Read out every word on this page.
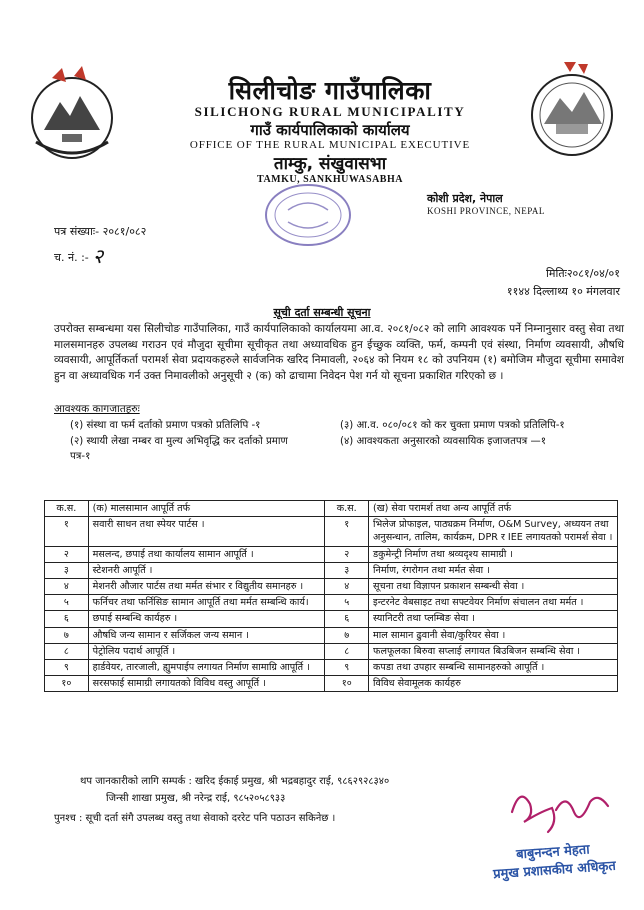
सिलीचोङ गाउँपालिका
SILICHONG RURAL MUNICIPALITY
गाउँ कार्यपालिकाको कार्यालय
OFFICE OF THE RURAL MUNICIPAL EXECUTIVE
ताम्कु, संखुवासभा
TAMKU, SANKHUWASABHA
कोशी प्रदेश, नेपाल
KOSHI PROVINCE, NEPAL
पत्र संख्याः- २०८१/०८२
च. नं. :- २
मितिः२०८१/०४/०१
११४४ दिल्लाथ्य १० मंगलवार
सूची दर्ता सम्बन्धी सूचना
उपरोक्त सम्बन्धमा यस सिलीचोङ गाउँपालिका, गाउँ कार्यपालिकाको कार्यालयमा आ.व. २०८१/०८२ को लागि आवश्यक पर्ने निम्नानुसार वस्तु सेवा तथा मालसमानहरु उपलब्ध गराउन एवं मौजुदा सूचीमा सूचीकृत तथा अध्यावधिक हुन ईच्छुक व्यक्ति, फर्म, कम्पनी एवं संस्था, निर्माण व्यवसायी, औषधि व्यवसायी, आपूर्तिकर्ता परामर्श सेवा प्रदायकहरुले सार्वजनिक खरिद निमावली, २०६४ को नियम १८ को उपनियम (१) बमोजिम मौजुदा सूचीमा समावेश हुन वा अध्यावधिक गर्न उक्त निमावलीको अनुसूची २ (क) को ढाचामा निवेदन पेश गर्न यो सूचना प्रकाशित गरिएको छ ।
आवश्यक कागजातहरुः
(१) संस्था वा फर्म दर्ताको प्रमाण पत्रको प्रतिलिपि -१
(२) स्थायी लेखा नम्बर वा मुल्य अभिवृद्धि कर दर्ताको प्रमाण पत्र-१
(३) आ.व. ०८०/०८१ को कर चुक्ता प्रमाण पत्रको प्रतिलिपि-१
(४) आवश्यकता अनुसारको व्यवसायिक इजाजतपत्र —१
क.स.	(क) मालसामान आपूर्ति तर्फ	क.स.	(ख) सेवा परामर्श तथा अन्य आपूर्ति तर्फ
१	सवारी साधन तथा स्पेयर पार्टस ।	१	भिलेज प्रोफाइल, पाठ्यक्रम निर्माण, O&M Survey, अध्ययन तथा अनुसन्धान, तालिम, कार्यक्रम, DPR र IEE लगायतको परामर्श सेवा ।
२	मसलन्द, छपाई तथा कार्यालय सामान आपूर्ति ।	२	डकुमेन्ट्री निर्माण तथा श्रव्यदृश्य सामाग्री ।
३	स्टेशनरी आपूर्ति ।	३	निर्माण, रंगरोगन तथा मर्मत सेवा ।
४	मेशनरी औजार पार्टस तथा मर्मत संभार र विद्युतीय समानहरु ।	४	सूचना तथा विज्ञापन प्रकाशन सम्बन्धी सेवा ।
५	फर्निचर तथा फर्निसिङ सामान आपूर्ति तथा मर्मत सम्बन्धि कार्य।	५	इन्टरनेट वेबसाइट तथा सफ्टवेयर निर्माण संचालन तथा मर्मत ।
६	छपाई सम्बन्धि कार्यहरु ।	६	स्यानिटरी तथा प्लम्बिङ सेवा ।
७	औषधि जन्य सामान र सर्जिकल जन्य समान ।	७	माल सामान ढुवानी सेवा/कुरियर सेवा ।
८	पेट्रोलिय पदार्थ आपूर्ति ।	८	फलफूलका बिरुवा सप्लाई लगायत बिउबिजन सम्बन्धि सेवा ।
९	हार्डवेयर, तारजाली, ह्युमपाईप लगायत निर्माण सामाग्रि आपूर्ति ।	९	कपडा तथा उपहार सम्बन्धि सामानहरुको आपूर्ति ।
१०	सरसफाई सामाग्री लगायतको विविध वस्तु आपूर्ति ।	१०	विविध सेवामूलक कार्यहरु
थप जानकारीको लागि सम्पर्क : खरिद ईकाई प्रमुख, श्री भद्रबहादुर राई, ९८६२९२८३४०
जिन्सी शाखा प्रमुख, श्री नरेन्द्र राई, ९८५२०५८९३३
पुनश्च : सूची दर्ता संगै उपलब्ध वस्तु तथा सेवाको दररेट पनि पठाउन सकिनेछ ।
बाबुनन्दन मेहता
प्रमुख प्रशासकीय अधिकृत
